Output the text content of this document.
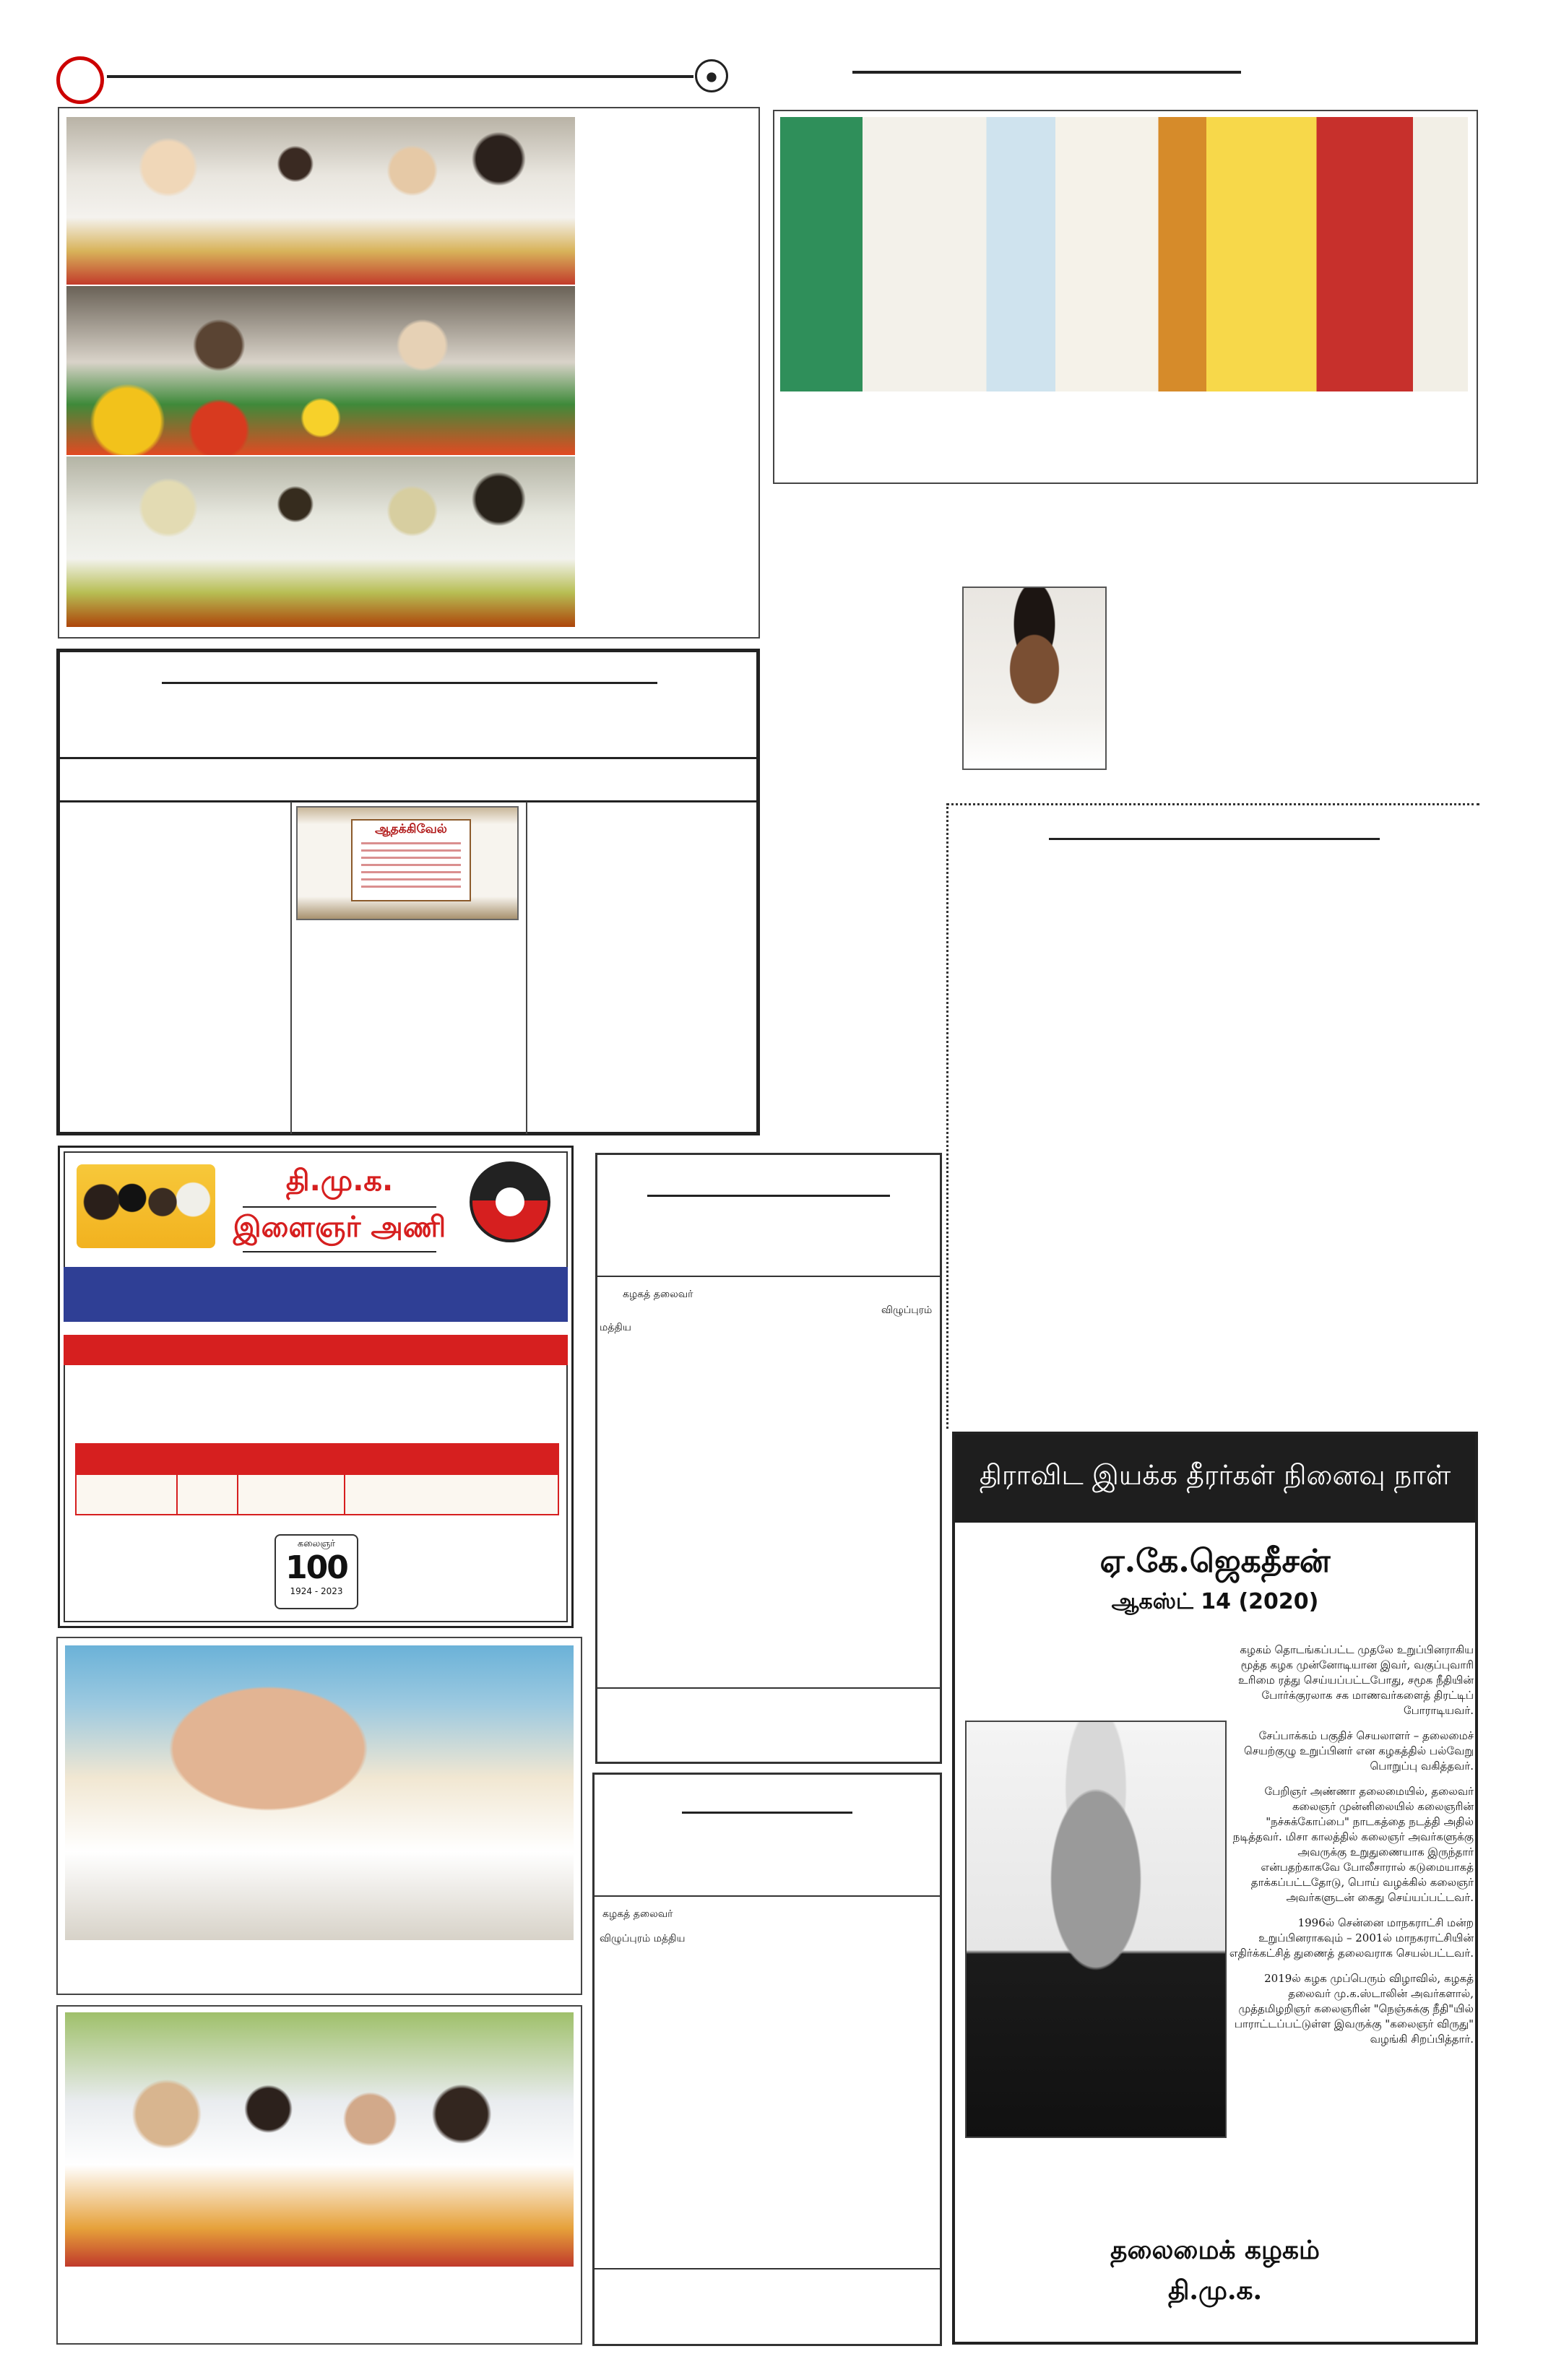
ஆதக்கிவேல்
தி.மு.க.
இளைஞர் அணி
கலைஞர்
100
1924 - 2023
கழகத் தலைவர்
விழுப்புரம்
மத்திய
கழகத் தலைவர்
விழுப்புரம் மத்திய
திராவிட இயக்க தீரர்கள் நினைவு நாள்
ஏ.கே.ஜெகதீசன்
ஆகஸ்ட் 14 (2020)

கழகம் தொடங்கப்பட்ட முதலே உறுப்பினராகிய மூத்த கழக முன்னோடியான இவர், வகுப்புவாரி உரிமை ரத்து செய்யப்பட்டபோது, சமூக நீதியின் போர்க்குரலாக சக மாணவர்களைத் திரட்டிப் போராடியவர்.

சேப்பாக்கம் பகுதிச் செயலாளர் – தலைமைச் செயற்குழு உறுப்பினர் என கழகத்தில் பல்வேறு பொறுப்பு வகித்தவர்.

பேறிஞர் அண்ணா தலைமையில், தலைவர் கலைஞர் முன்னிலையில் கலைஞரின் "நச்சுக்கோப்பை" நாடகத்தை நடத்தி அதில் நடித்தவர். மிசா காலத்தில் கலைஞர் அவர்களுக்கு அவருக்கு உறுதுணையாக இருந்தார் என்பதற்காகவே போலீசாரால் கடுமையாகத் தாக்கப்பட்டதோடு, பொய் வழக்கில் கலைஞர் அவர்களுடன் கைது செய்யப்பட்டவர்.

1996ல் சென்னை மாநகராட்சி மன்ற உறுப்பினராகவும் – 2001ல் மாநகராட்சியின் எதிர்க்கட்சித் துணைத் தலைவராக செயல்பட்டவர்.

2019ல் கழக முப்பெரும் விழாவில், கழகத் தலைவர் மு.க.ஸ்டாலின் அவர்களால், முத்தமிழறிஞர் கலைஞரின் "நெஞ்சுக்கு நீதி"யில் பாராட்டப்பட்டுள்ள இவருக்கு "கலைஞர் விருது" வழங்கி சிறப்பித்தார்.

தலைமைக் கழகம்
தி.மு.க.
